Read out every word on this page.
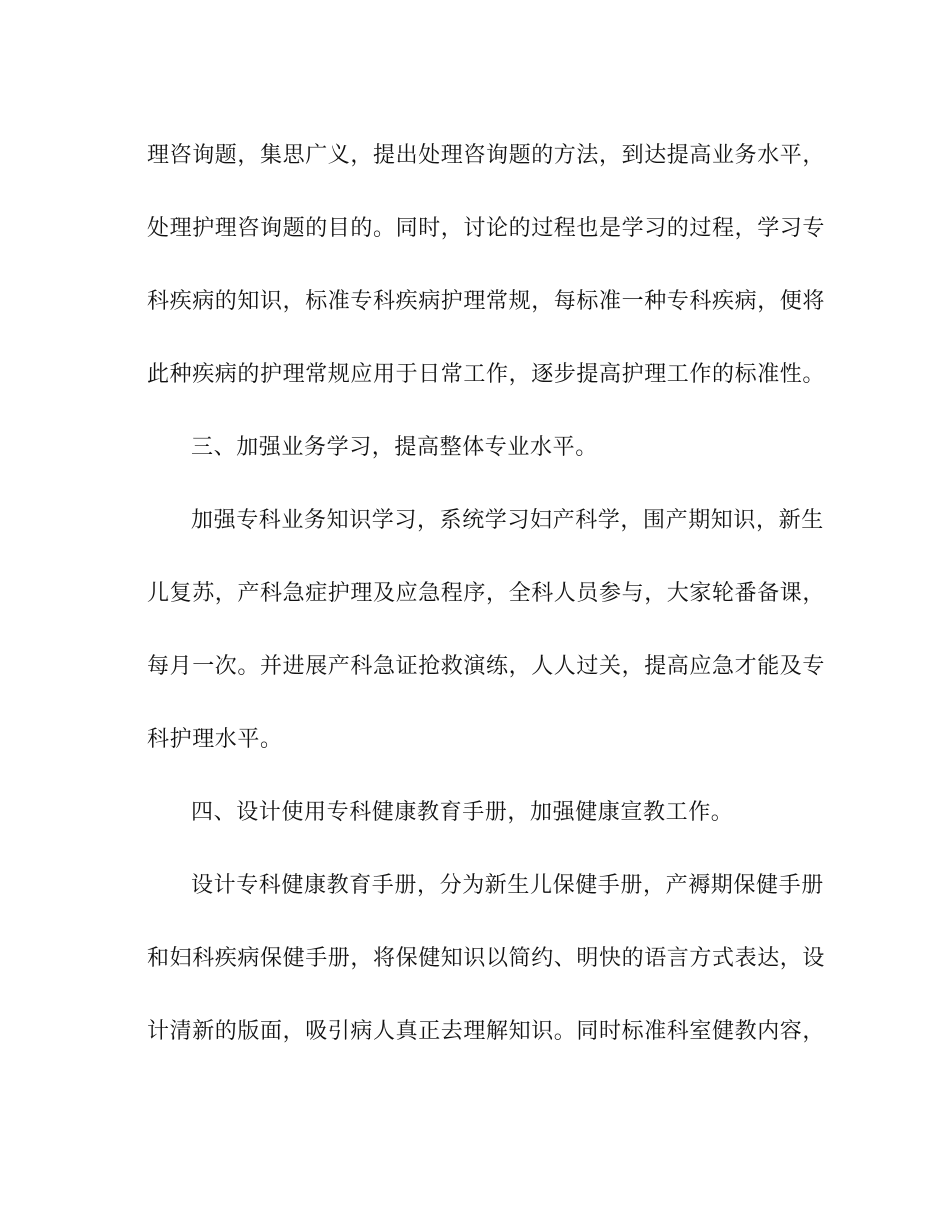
理咨询题，集思广义，提出处理咨询题的方法，到达提高业务水平，
处理护理咨询题的目的。同时，讨论的过程也是学习的过程，学习专
科疾病的知识，标准专科疾病护理常规，每标准一种专科疾病，便将
此种疾病的护理常规应用于日常工作，逐步提高护理工作的标准性。
三、加强业务学习，提高整体专业水平。
加强专科业务知识学习，系统学习妇产科学，围产期知识，新生
儿复苏，产科急症护理及应急程序，全科人员参与，大家轮番备课，
每月一次。并进展产科急证抢救演练，人人过关，提高应急才能及专
科护理水平。
四、设计使用专科健康教育手册，加强健康宣教工作。
设计专科健康教育手册，分为新生儿保健手册，产褥期保健手册
和妇科疾病保健手册，将保健知识以简约、明快的语言方式表达，设
计清新的版面，吸引病人真正去理解知识。同时标准科室健教内容，
